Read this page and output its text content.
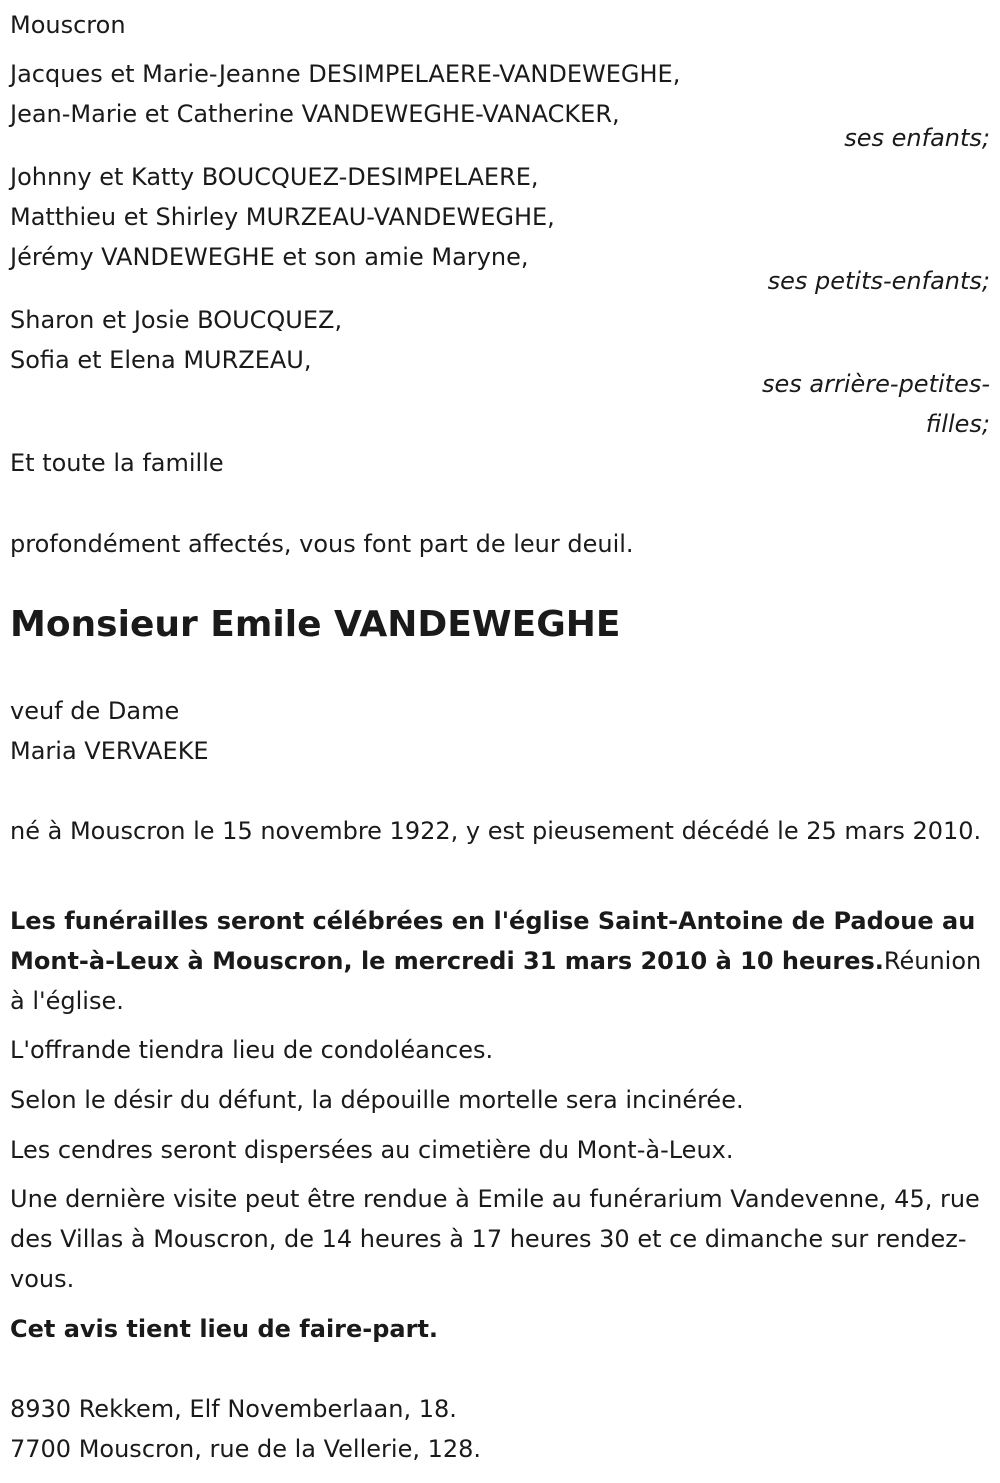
Mouscron

Jacques et Marie-Jeanne DESIMPELAERE-VANDEWEGHE,

Jean-Marie et Catherine VANDEWEGHE-VANACKER,

ses enfants;

Johnny et Katty BOUCQUEZ-DESIMPELAERE,

Matthieu et Shirley MURZEAU-VANDEWEGHE,

Jérémy VANDEWEGHE et son amie Maryne,

ses petits-enfants;

Sharon et Josie BOUCQUEZ,

Sofia et Elena MURZEAU,

ses arrière-petites-

filles;

Et toute la famille

profondément affectés, vous font part de leur deuil.

Monsieur Emile VANDEWEGHE

veuf de Dame

Maria VERVAEKE

né à Mouscron le 15 novembre 1922, y est pieusement décédé le 25 mars 2010.

Les funérailles seront célébrées en l'église Saint-Antoine de Padoue au Mont-à-Leux à Mouscron, le mercredi 31 mars 2010 à 10 heures.Réunion à l'église.

L'offrande tiendra lieu de condoléances.

Selon le désir du défunt, la dépouille mortelle sera incinérée.

Les cendres seront dispersées au cimetière du Mont-à-Leux.

Une dernière visite peut être rendue à Emile au funérarium Vandevenne, 45, rue des Villas à Mouscron, de 14 heures à 17 heures 30 et ce dimanche sur rendez-vous.

Cet avis tient lieu de faire-part.

8930 Rekkem, Elf Novemberlaan, 18.

7700 Mouscron, rue de la Vellerie, 128.
